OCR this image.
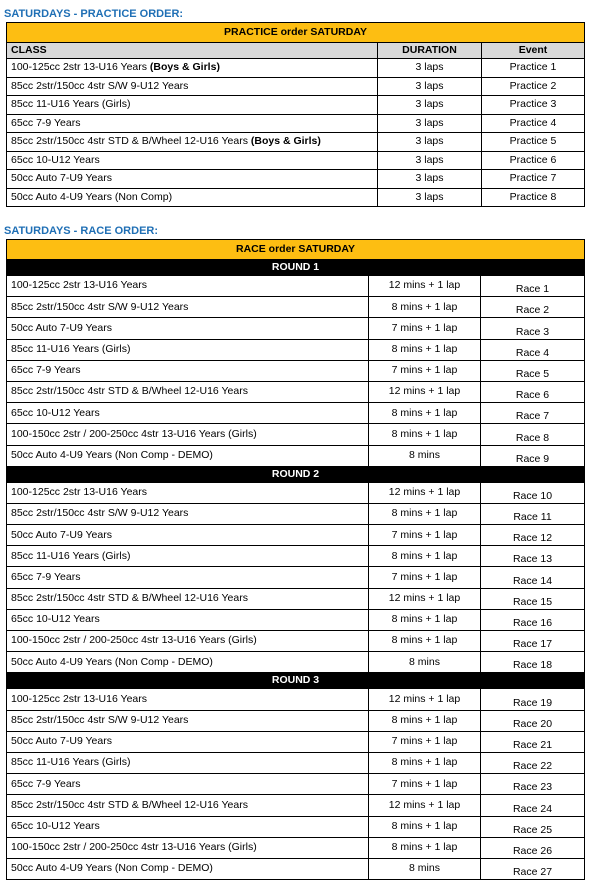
SATURDAYS - PRACTICE ORDER:
PRACTICE order SATURDAY		
CLASS	DURATION	Event
100-125cc 2str 13-U16 Years (Boys & Girls)	3 laps	Practice 1
85cc 2str/150cc 4str S/W 9-U12 Years	3 laps	Practice 2
85cc 11-U16 Years (Girls)	3 laps	Practice 3
65cc 7-9 Years	3 laps	Practice 4
85cc 2str/150cc 4str STD & B/Wheel 12-U16 Years (Boys & Girls)	3 laps	Practice 5
65cc 10-U12 Years	3 laps	Practice 6
50cc Auto 7-U9 Years	3 laps	Practice 7
50cc Auto 4-U9 Years (Non Comp)	3 laps	Practice 8
SATURDAYS - RACE ORDER:
RACE order SATURDAY		
ROUND 1		
100-125cc 2str 13-U16 Years	12 mins + 1 lap	Race 1
85cc 2str/150cc 4str S/W 9-U12 Years	8 mins + 1 lap	Race 2
50cc Auto 7-U9 Years	7 mins + 1 lap	Race 3
85cc 11-U16 Years (Girls)	8 mins + 1 lap	Race 4
65cc 7-9 Years	7 mins + 1 lap	Race 5
85cc 2str/150cc 4str STD & B/Wheel 12-U16 Years	12 mins + 1 lap	Race 6
65cc 10-U12 Years	8 mins + 1 lap	Race 7
100-150cc 2str / 200-250cc 4str 13-U16 Years (Girls)	8 mins + 1 lap	Race 8
50cc Auto 4-U9 Years (Non Comp - DEMO)	8 mins	Race 9
ROUND 2		
100-125cc 2str 13-U16 Years	12 mins + 1 lap	Race 10
85cc 2str/150cc 4str S/W 9-U12 Years	8 mins + 1 lap	Race 11
50cc Auto 7-U9 Years	7 mins + 1 lap	Race 12
85cc 11-U16 Years (Girls)	8 mins + 1 lap	Race 13
65cc 7-9 Years	7 mins + 1 lap	Race 14
85cc 2str/150cc 4str STD & B/Wheel 12-U16 Years	12 mins + 1 lap	Race 15
65cc 10-U12 Years	8 mins + 1 lap	Race 16
100-150cc 2str / 200-250cc 4str 13-U16 Years (Girls)	8 mins + 1 lap	Race 17
50cc Auto 4-U9 Years (Non Comp - DEMO)	8 mins	Race 18
ROUND 3		
100-125cc 2str 13-U16 Years	12 mins + 1 lap	Race 19
85cc 2str/150cc 4str S/W 9-U12 Years	8 mins + 1 lap	Race 20
50cc Auto 7-U9 Years	7 mins + 1 lap	Race 21
85cc 11-U16 Years (Girls)	8 mins + 1 lap	Race 22
65cc 7-9 Years	7 mins + 1 lap	Race 23
85cc 2str/150cc 4str STD & B/Wheel 12-U16 Years	12 mins + 1 lap	Race 24
65cc 10-U12 Years	8 mins + 1 lap	Race 25
100-150cc 2str / 200-250cc 4str 13-U16 Years (Girls)	8 mins + 1 lap	Race 26
50cc Auto 4-U9 Years (Non Comp - DEMO)	8 mins	Race 27
